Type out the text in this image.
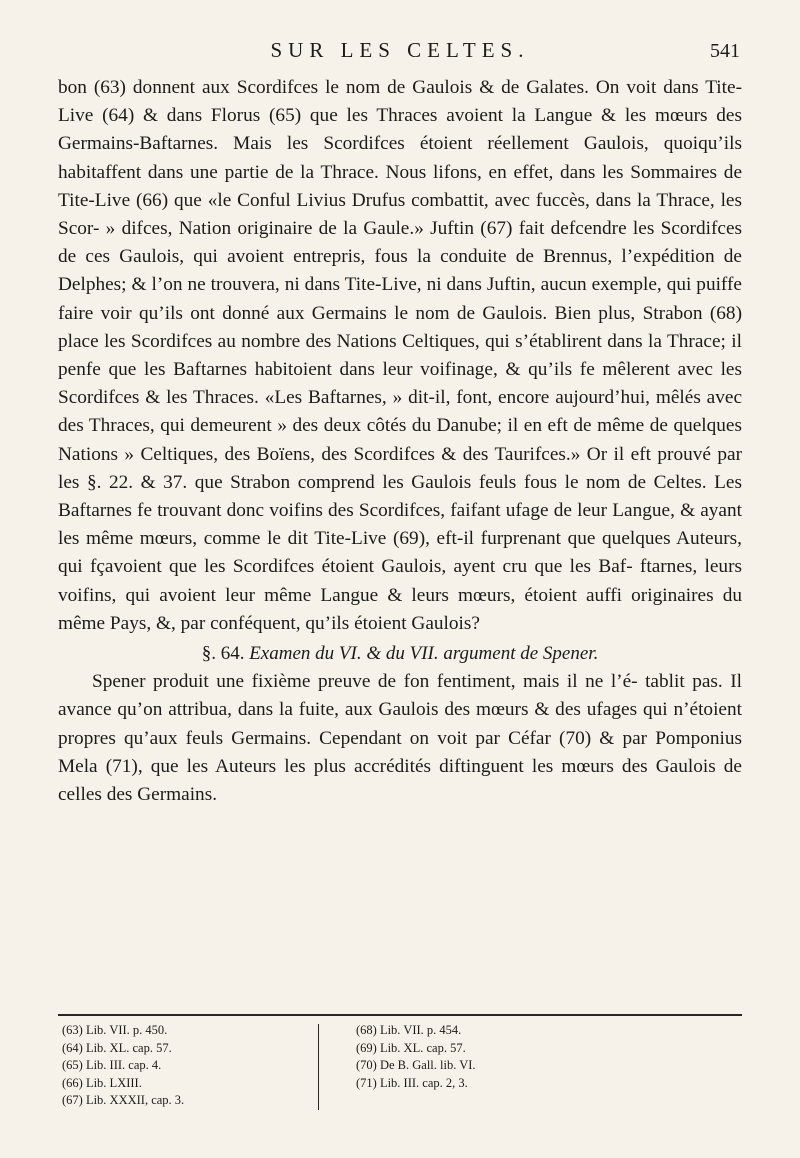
SUR LES CELTES.	541

bon (63) donnent aux Scordifces le nom de Gaulois & de Galates. On voit dans Tite-Live (64) & dans Florus (65) que les Thraces avoient la Langue & les mœurs des Germains-Baftarnes. Mais les Scordifces étoient réellement Gaulois, quoiqu’ils habitaffent dans une partie de la Thrace. Nous lifons, en effet, dans les Sommaires de Tite-Live (66) que «le Conful Livius Drufus combattit, avec fuccès, dans la Thrace, les Scor- » difces, Nation originaire de la Gaule.» Juftin (67) fait defcendre les Scordifces de ces Gaulois, qui avoient entrepris, fous la conduite de Brennus, l’expédition de Delphes; & l’on ne trouvera, ni dans Tite-Live, ni dans Juftin, aucun exemple, qui puiffe faire voir qu’ils ont donné aux Germains le nom de Gaulois. Bien plus, Strabon (68) place les Scordifces au nombre des Nations Celtiques, qui s’établirent dans la Thrace; il penfe que les Baftarnes habitoient dans leur voifinage, & qu’ils fe mêlerent avec les Scordifces & les Thraces. «Les Baftarnes, » dit-il, font, encore aujourd’hui, mêlés avec des Thraces, qui demeurent » des deux côtés du Danube; il en eft de même de quelques Nations » Celtiques, des Boïens, des Scordifces & des Taurifces.» Or il eft prouvé par les §. 22. & 37. que Strabon comprend les Gaulois feuls fous le nom de Celtes. Les Baftarnes fe trouvant donc voifins des Scordifces, faifant ufage de leur Langue, & ayant les même mœurs, comme le dit Tite-Live (69), eft-il furprenant que quelques Auteurs, qui fçavoient que les Scordifces étoient Gaulois, ayent cru que les Baf- ftarnes, leurs voifins, qui avoient leur même Langue & leurs mœurs, étoient auffi originaires du même Pays, &, par conféquent, qu’ils étoient Gaulois?

§. 64. Examen du VI. & du VII. argument de Spener.

Spener produit une fixième preuve de fon fentiment, mais il ne l’é- tablit pas. Il avance qu’on attribua, dans la fuite, aux Gaulois des mœurs & des ufages qui n’étoient propres qu’aux feuls Germains. Cependant on voit par Céfar (70) & par Pomponius Mela (71), que les Auteurs les plus accrédités diftinguent les mœurs des Gaulois de celles des Germains.

(63) Lib. VII. p. 450.
(64) Lib. XL. cap. 57.
(65) Lib. III. cap. 4.
(66) Lib. LXIII.
(67) Lib. XXXII, cap. 3.
(68) Lib. VII. p. 454.
(69) Lib. XL. cap. 57.
(70) De B. Gall. lib. VI.
(71) Lib. III. cap. 2, 3.
